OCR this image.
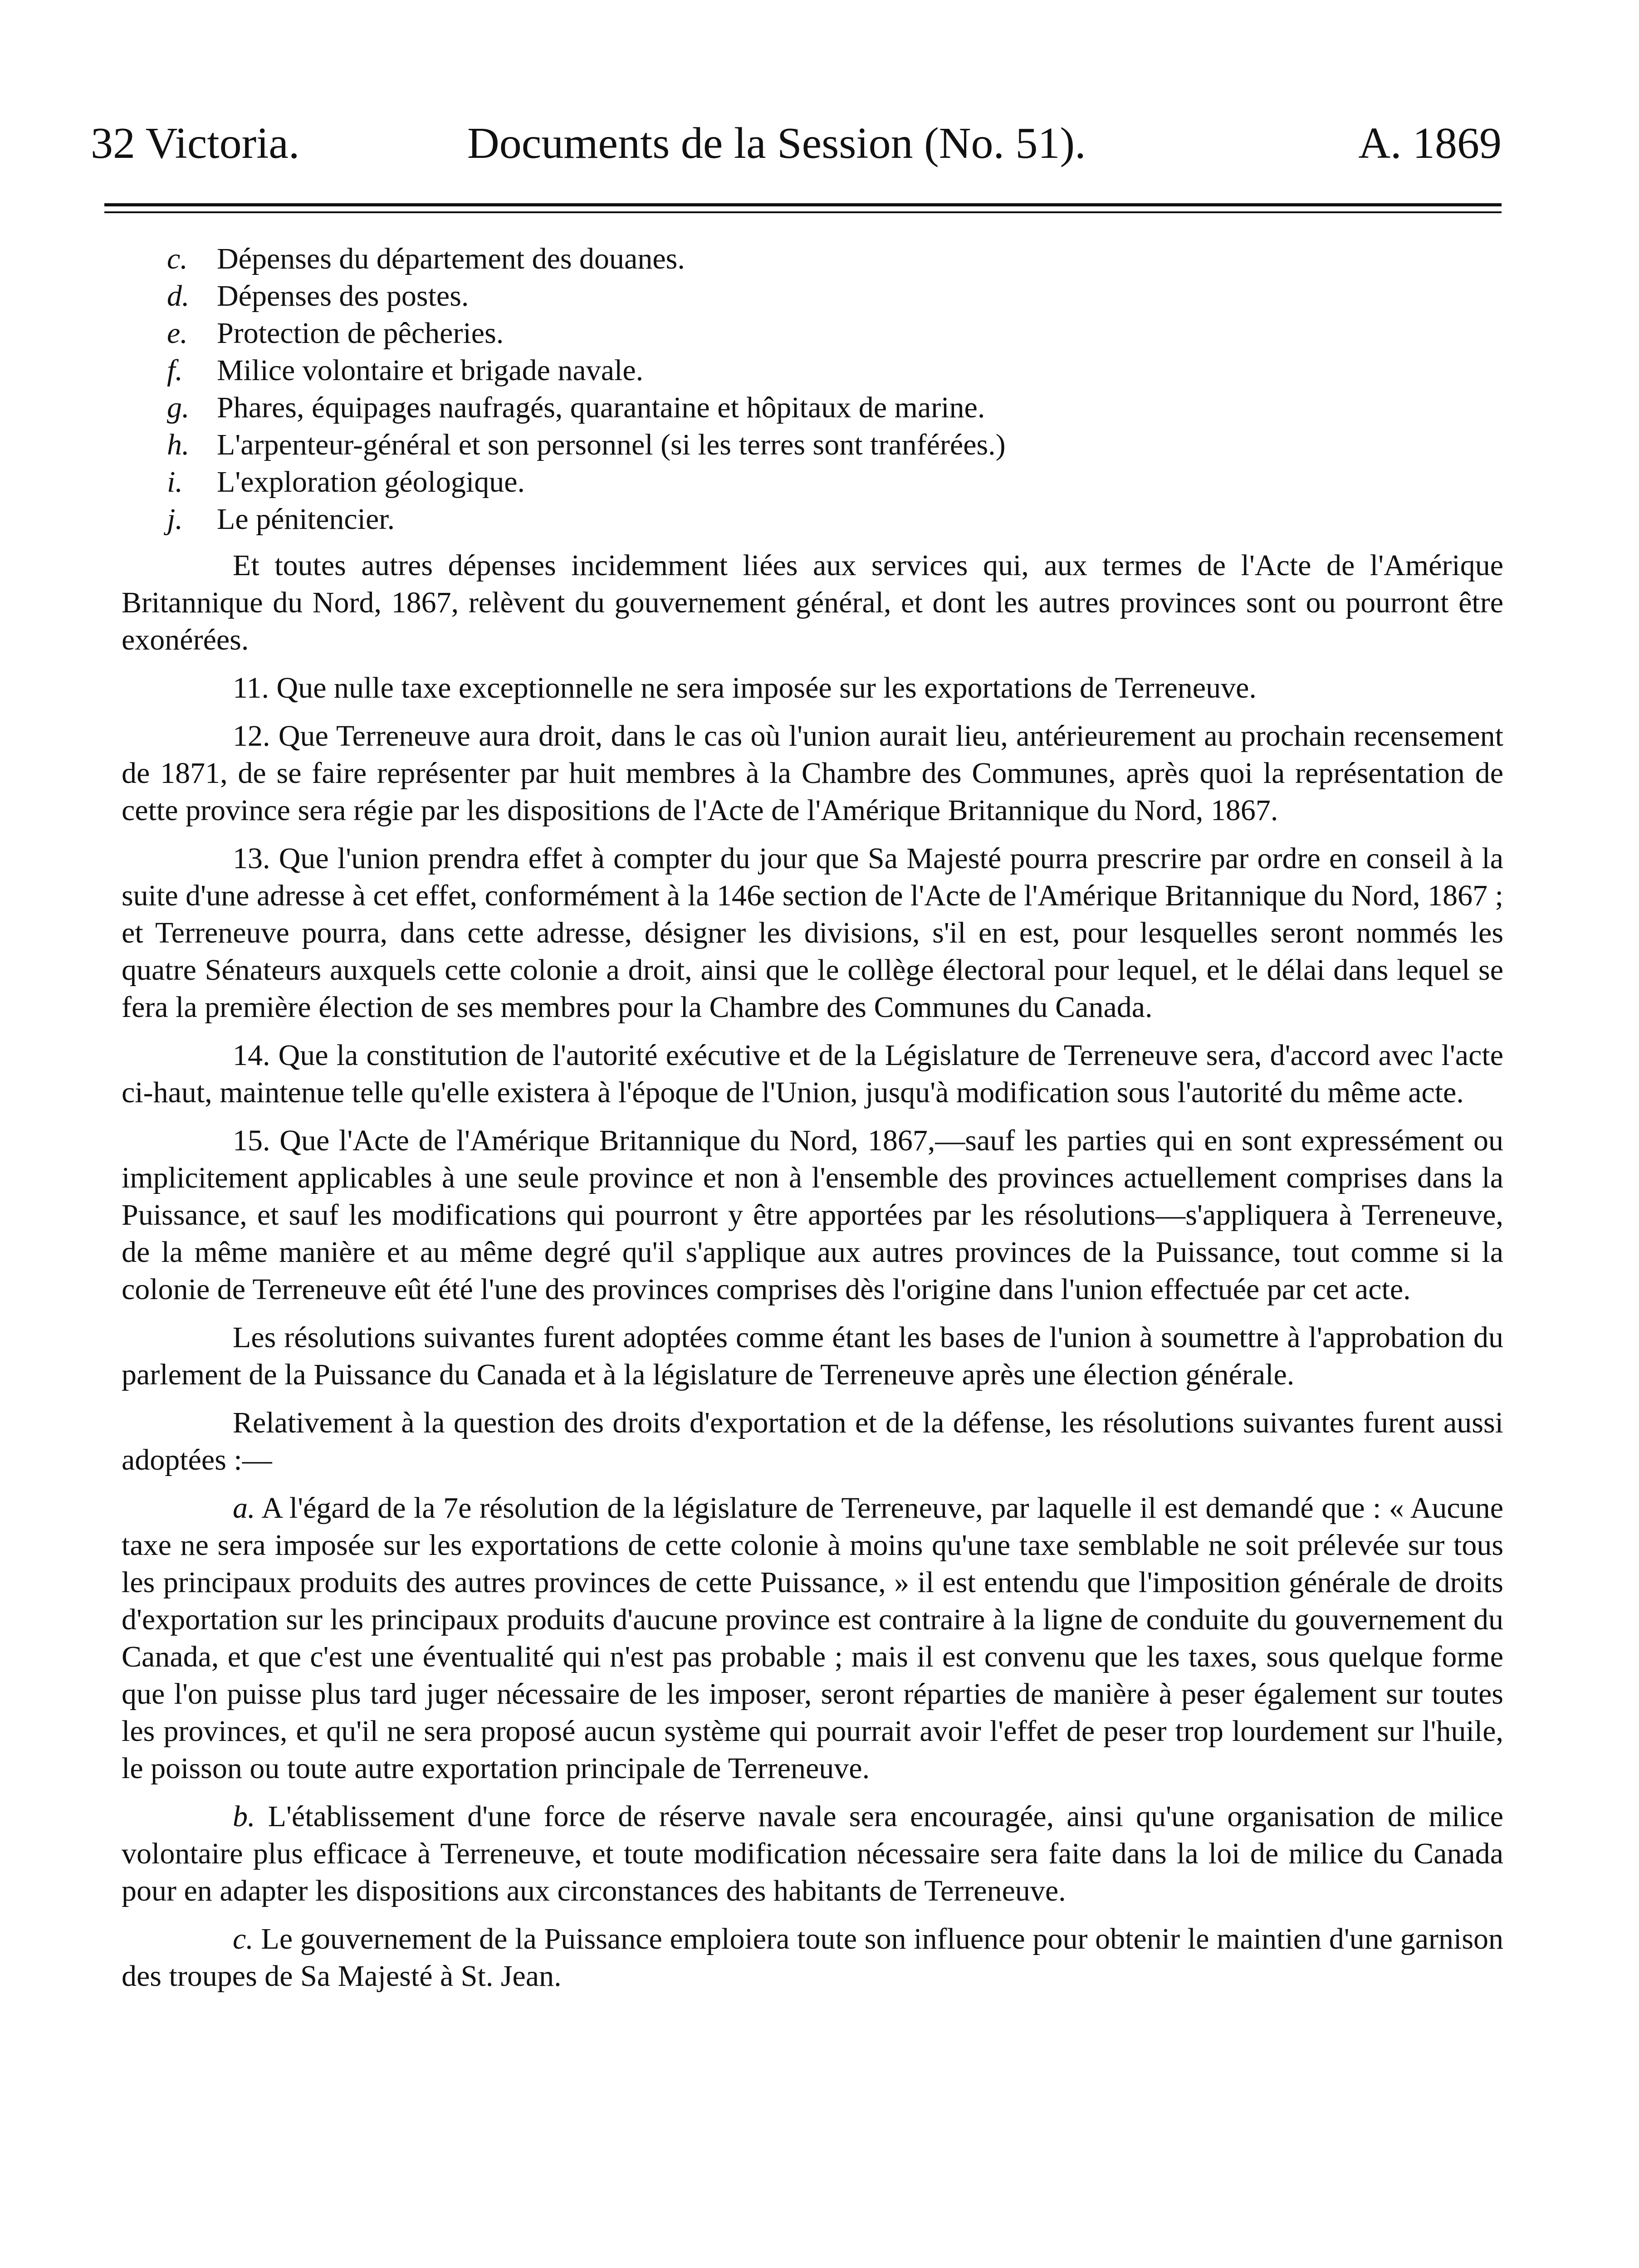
32 Victoria.	Documents de la Session (No. 51).	A. 1869
c. Dépenses du département des douanes.
d. Dépenses des postes.
e. Protection de pêcheries.
f. Milice volontaire et brigade navale.
g. Phares, équipages naufragés, quarantaine et hôpitaux de marine.
h. L'arpenteur-général et son personnel (si les terres sont tranférées.)
i. L'exploration géologique.
j. Le pénitencier.

Et toutes autres dépenses incidemment liées aux services qui, aux termes de l'Acte de l'Amérique Britannique du Nord, 1867, relèvent du gouvernement général, et dont les autres provinces sont ou pourront être exonérées.

11. Que nulle taxe exceptionnelle ne sera imposée sur les exportations de Terreneuve.

12. Que Terreneuve aura droit, dans le cas où l'union aurait lieu, antérieurement au prochain recensement de 1871, de se faire représenter par huit membres à la Chambre des Communes, après quoi la représentation de cette province sera régie par les dispositions de l'Acte de l'Amérique Britannique du Nord, 1867.

13. Que l'union prendra effet à compter du jour que Sa Majesté pourra prescrire par ordre en conseil à la suite d'une adresse à cet effet, conformément à la 146e section de l'Acte de l'Amérique Britannique du Nord, 1867 ; et Terreneuve pourra, dans cette adresse, désigner les divisions, s'il en est, pour lesquelles seront nommés les quatre Sénateurs auxquels cette colonie a droit, ainsi que le collège électoral pour lequel, et le délai dans lequel se fera la première élection de ses membres pour la Chambre des Communes du Canada.

14. Que la constitution de l'autorité exécutive et de la Législature de Terreneuve sera, d'accord avec l'acte ci-haut, maintenue telle qu'elle existera à l'époque de l'Union, jusqu'à modification sous l'autorité du même acte.

15. Que l'Acte de l'Amérique Britannique du Nord, 1867,—sauf les parties qui en sont expressément ou implicitement applicables à une seule province et non à l'ensemble des provinces actuellement comprises dans la Puissance, et sauf les modifications qui pourront y être apportées par les résolutions—s'appliquera à Terreneuve, de la même manière et au même degré qu'il s'applique aux autres provinces de la Puissance, tout comme si la colonie de Terreneuve eût été l'une des provinces comprises dès l'origine dans l'union effectuée par cet acte.

Les résolutions suivantes furent adoptées comme étant les bases de l'union à soumettre à l'approbation du parlement de la Puissance du Canada et à la législature de Terreneuve après une élection générale.

Relativement à la question des droits d'exportation et de la défense, les résolutions suivantes furent aussi adoptées :—

a. A l'égard de la 7e résolution de la législature de Terreneuve, par laquelle il est demandé que : « Aucune taxe ne sera imposée sur les exportations de cette colonie à moins qu'une taxe semblable ne soit prélevée sur tous les principaux produits des autres provinces de cette Puissance, » il est entendu que l'imposition générale de droits d'exportation sur les principaux produits d'aucune province est contraire à la ligne de conduite du gouvernement du Canada, et que c'est une éventualité qui n'est pas probable ; mais il est convenu que les taxes, sous quelque forme que l'on puisse plus tard juger nécessaire de les imposer, seront réparties de manière à peser également sur toutes les provinces, et qu'il ne sera proposé aucun système qui pourrait avoir l'effet de peser trop lourdement sur l'huile, le poisson ou toute autre exportation principale de Terreneuve.

b. L'établissement d'une force de réserve navale sera encouragée, ainsi qu'une organisation de milice volontaire plus efficace à Terreneuve, et toute modification nécessaire sera faite dans la loi de milice du Canada pour en adapter les dispositions aux circonstances des habitants de Terreneuve.

c. Le gouvernement de la Puissance emploiera toute son influence pour obtenir le maintien d'une garnison des troupes de Sa Majesté à St. Jean.
